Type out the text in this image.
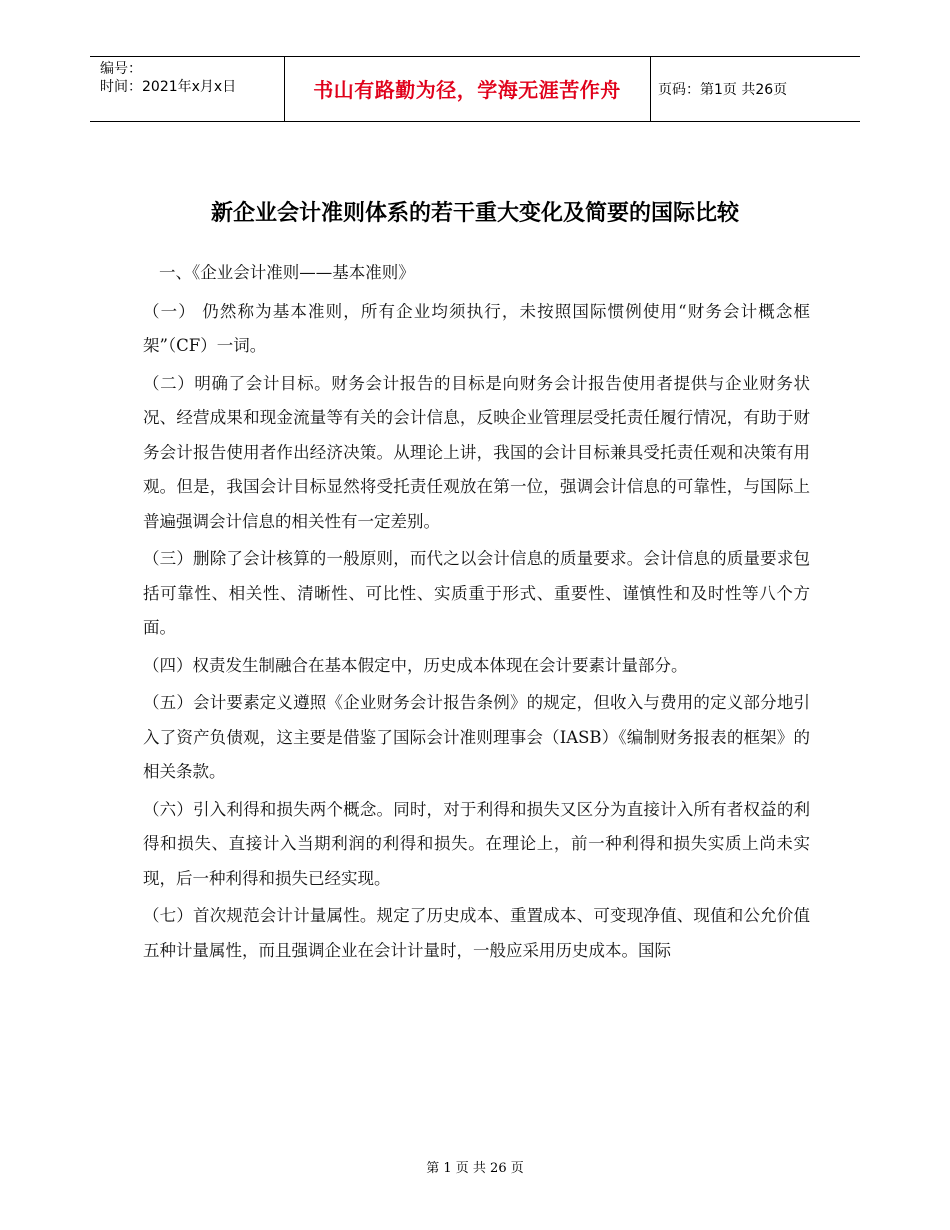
编号：
时间：2021年x月x日	书山有路勤为径，学海无涯苦作舟	页码：第1页 共26页
新企业会计准则体系的若干重大变化及简要的国际比较

一、《企业会计准则——基本准则》

（一） 仍然称为基本准则，所有企业均须执行，未按照国际惯例使用“财务会计概念框架”（CF）一词。

（二）明确了会计目标。财务会计报告的目标是向财务会计报告使用者提供与企业财务状况、经营成果和现金流量等有关的会计信息，反映企业管理层受托责任履行情况，有助于财务会计报告使用者作出经济决策。从理论上讲，我国的会计目标兼具受托责任观和决策有用观。但是，我国会计目标显然将受托责任观放在第一位，强调会计信息的可靠性，与国际上普遍强调会计信息的相关性有一定差别。

（三）删除了会计核算的一般原则，而代之以会计信息的质量要求。会计信息的质量要求包括可靠性、相关性、清晰性、可比性、实质重于形式、重要性、谨慎性和及时性等八个方面。

（四）权责发生制融合在基本假定中，历史成本体现在会计要素计量部分。

（五）会计要素定义遵照《企业财务会计报告条例》的规定，但收入与费用的定义部分地引入了资产负债观，这主要是借鉴了国际会计准则理事会（IASB）《编制财务报表的框架》的相关条款。

（六）引入利得和损失两个概念。同时，对于利得和损失又区分为直接计入所有者权益的利得和损失、直接计入当期利润的利得和损失。在理论上，前一种利得和损失实质上尚未实现，后一种利得和损失已经实现。

（七）首次规范会计计量属性。规定了历史成本、重置成本、可变现净值、现值和公允价值五种计量属性，而且强调企业在会计计量时，一般应采用历史成本。国际

第 1 页 共 26 页
